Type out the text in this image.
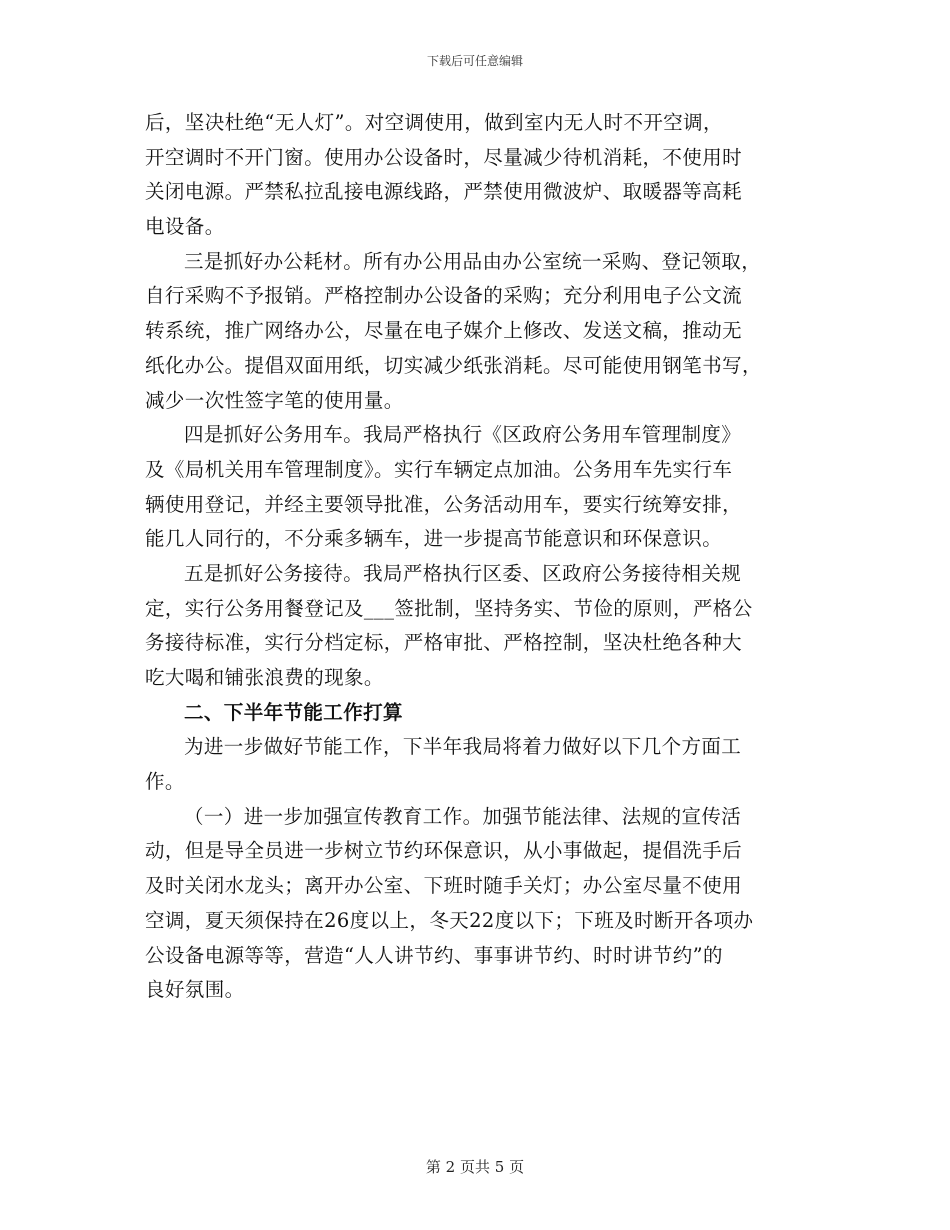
下载后可任意编辑
后，坚决杜绝“无人灯”。对空调使用，做到室内无人时不开空调，
开空调时不开门窗。使用办公设备时，尽量减少待机消耗，不使用时
关闭电源。严禁私拉乱接电源线路，严禁使用微波炉、取暖器等高耗
电设备。
三是抓好办公耗材。所有办公用品由办公室统一采购、登记领取，
自行采购不予报销。严格控制办公设备的采购；充分利用电子公文流
转系统，推广网络办公，尽量在电子媒介上修改、发送文稿，推动无
纸化办公。提倡双面用纸，切实减少纸张消耗。尽可能使用钢笔书写，
减少一次性签字笔的使用量。
四是抓好公务用车。我局严格执行《区政府公务用车管理制度》
及《局机关用车管理制度》。实行车辆定点加油。公务用车先实行车
辆使用登记，并经主要领导批准，公务活动用车，要实行统筹安排，
能几人同行的，不分乘多辆车，进一步提高节能意识和环保意识。
五是抓好公务接待。我局严格执行区委、区政府公务接待相关规
定，实行公务用餐登记及___签批制，坚持务实、节俭的原则，严格公
务接待标准，实行分档定标，严格审批、严格控制，坚决杜绝各种大
吃大喝和铺张浪费的现象。
二、下半年节能工作打算
为进一步做好节能工作，下半年我局将着力做好以下几个方面工
作。
（一）进一步加强宣传教育工作。加强节能法律、法规的宣传活
动，但是导全员进一步树立节约环保意识，从小事做起，提倡洗手后
及时关闭水龙头；离开办公室、下班时随手关灯；办公室尽量不使用
空调，夏天须保持在26度以上，冬天22度以下；下班及时断开各项办
公设备电源等等，营造“人人讲节约、事事讲节约、时时讲节约”的
良好氛围。
第 2 页共 5 页
